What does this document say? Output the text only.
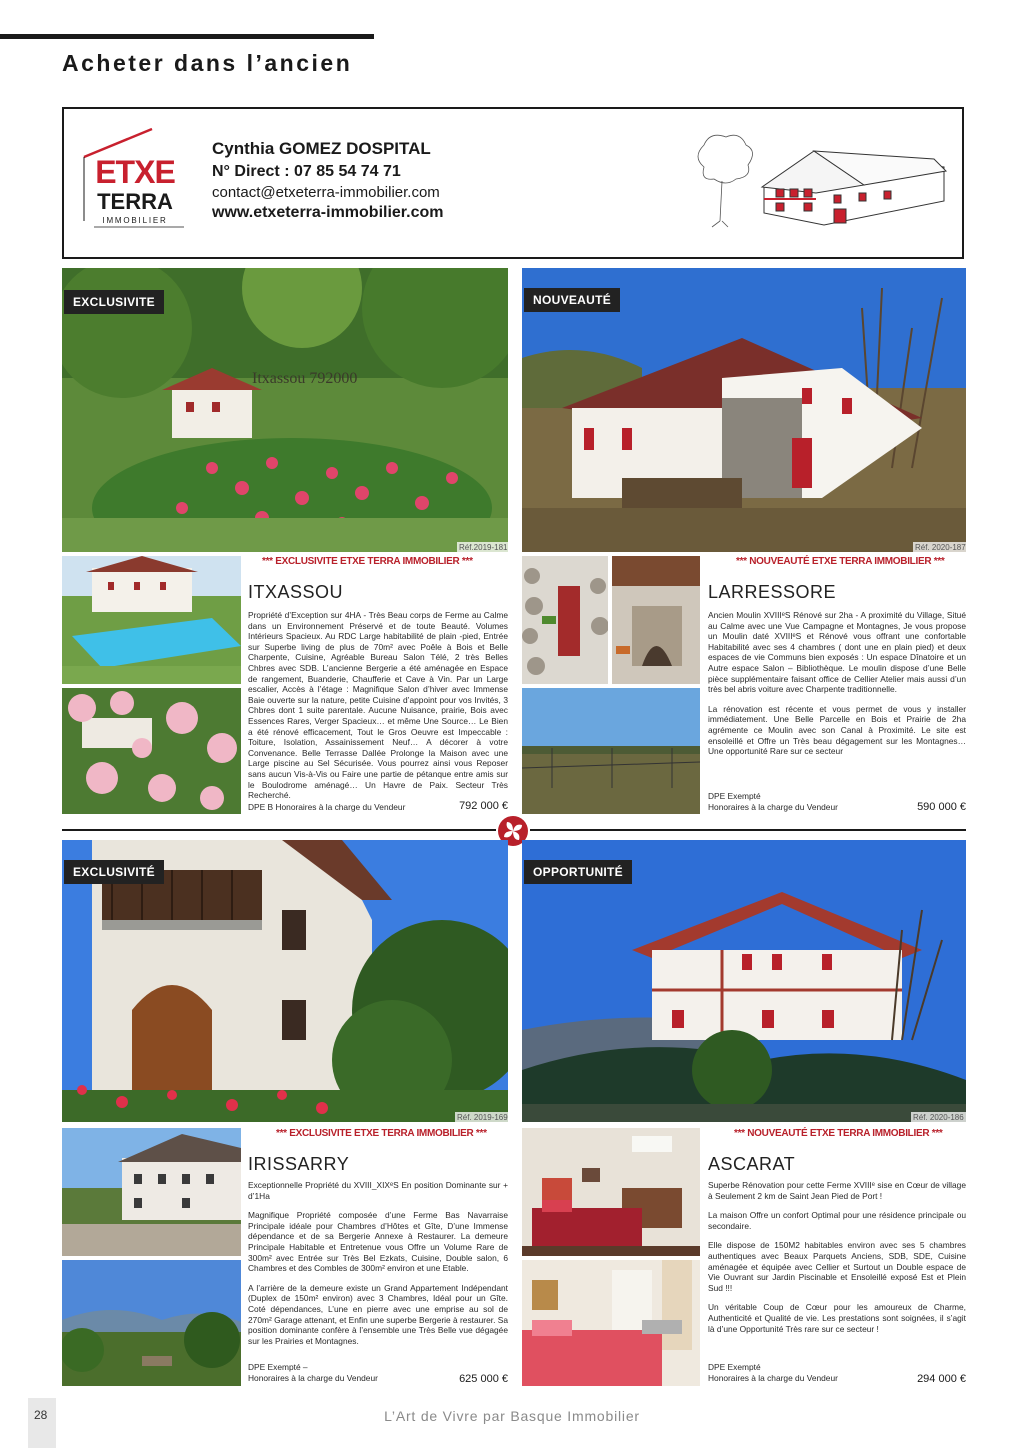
Acheter dans l’ancien
ETXE
TERRA
IMMOBILIER
Cynthia GOMEZ DOSPITAL
N° Direct : 07 85 54 74 71
contact@etxeterra-immobilier.com
www.etxeterra-immobilier.com
EXCLUSIVITE
Itxassou 792000
Réf.2019-181
*** EXCLUSIVITE ETXE TERRA IMMOBILIER ***
ITXASSOU

Propriété d’Exception sur 4HA - Très Beau corps de Ferme au Calme dans un Environnement Préservé et de toute Beauté. Volumes Intérieurs Spacieux. Au RDC Large habitabilité de plain -pied, Entrée sur Superbe living de plus de 70m² avec Poêle à Bois et Belle Charpente, Cuisine, Agréable Bureau Salon Télé, 2 très Belles Chbres avec SDB. L’ancienne Bergerie a été aménagée en Espace de rangement, Buanderie, Chaufferie et Cave à Vin. Par un Large escalier, Accès à l’étage : Magnifique Salon d’hiver avec Immense Baie ouverte sur la nature, petite Cuisine d’appoint pour vos Invités, 3 Chbres dont 1 suite parentale. Aucune Nuisance, prairie, Bois avec Essences Rares, Verger Spacieux… et même Une Source… Le Bien a été rénové efficacement, Tout le Gros Oeuvre est Impeccable : Toiture, Isolation, Assainissement Neuf… A décorer à votre Convenance. Belle Terrasse Dallée Prolonge la Maison avec une Large piscine au Sel Sécurisée. Vous pourrez ainsi vous Reposer sans aucun Vis-à-Vis ou Faire une partie de pétanque entre amis sur le Boulodrome aménagé… Un Havre de Paix. Secteur Très Recherché.

DPE B Honoraires à la charge du Vendeur	792 000 €
NOUVEAUTÉ
Réf. 2020-187
*** NOUVEAUTÉ ETXE TERRA IMMOBILIER ***
LARRESSORE

Ancien Moulin XVIIIᵉS Rénové sur 2ha - A proximité du Village, Situé au Calme avec une Vue Campagne et Montagnes, Je vous propose un Moulin daté XVIIIᵉS et Rénové vous offrant une confortable Habitabilité avec ses 4 chambres ( dont une en plain pied) et deux espaces de vie Communs bien exposés : Un espace Dînatoire et un Autre espace Salon – Bibliothèque. Le moulin dispose d’une Belle pièce supplémentaire faisant office de Cellier Atelier mais aussi d’un très bel abris voiture avec Charpente traditionnelle.

La rénovation est récente et vous permet de vous y installer immédiatement. Une Belle Parcelle en Bois et Prairie de 2ha agrémente ce Moulin avec son Canal à Proximité. Le site est ensoleillé et Offre un Très beau dégagement sur les Montagnes… Une opportunité Rare sur ce secteur

DPE Exempté
Honoraires à la charge du Vendeur	590 000 €
EXCLUSIVITÉ
Réf. 2019-169
*** EXCLUSIVITE ETXE TERRA IMMOBILIER ***
IRISSARRY

Exceptionnelle Propriété du XVIII_XIXᵉS En position Dominante sur + d’1Ha

Magnifique Propriété composée d’une Ferme Bas Navarraise Principale idéale pour Chambres d’Hôtes et Gîte, D’une Immense dépendance et de sa Bergerie Annexe à Restaurer. La demeure Principale Habitable et Entretenue vous Offre un Volume Rare de 300m² avec Entrée sur Très Bel Ezkats, Cuisine, Double salon, 6 Chambres et des Combles de 300m² environ et une Etable.

A l’arrière de la demeure existe un Grand Appartement Indépendant (Duplex de 150m² environ) avec 3 Chambres, Idéal pour un Gîte. Coté dépendances, L’une en pierre avec une emprise au sol de 270m² Garage attenant, et Enfin une superbe Bergerie à restaurer. Sa position dominante confère à l’ensemble une Très Belle vue dégagée sur les Prairies et Montagnes.

DPE Exempté –
Honoraires à la charge du Vendeur	625 000 €
OPPORTUNITÉ
Réf. 2020-186
*** NOUVEAUTÉ ETXE TERRA IMMOBILIER ***
ASCARAT

Superbe Rénovation pour cette Ferme XVIIIᵉ sise en Cœur de village à Seulement 2 km de Saint Jean Pied de Port !

La maison Offre un confort Optimal pour une résidence principale ou secondaire.

Elle dispose de 150M2 habitables environ avec ses 5 chambres authentiques avec Beaux Parquets Anciens, SDB, SDE, Cuisine aménagée et équipée avec Cellier et Surtout un Double espace de Vie Ouvrant sur Jardin Piscinable et Ensoleillé exposé Est et Plein Sud !!!

Un véritable Coup de Cœur pour les amoureux de Charme, Authenticité et Qualité de vie. Les prestations sont soignées, il s’agit là d’une Opportunité Très rare sur ce secteur !

DPE Exempté
Honoraires à la charge du Vendeur	294 000 €
28	L’Art de Vivre par Basque Immobilier
